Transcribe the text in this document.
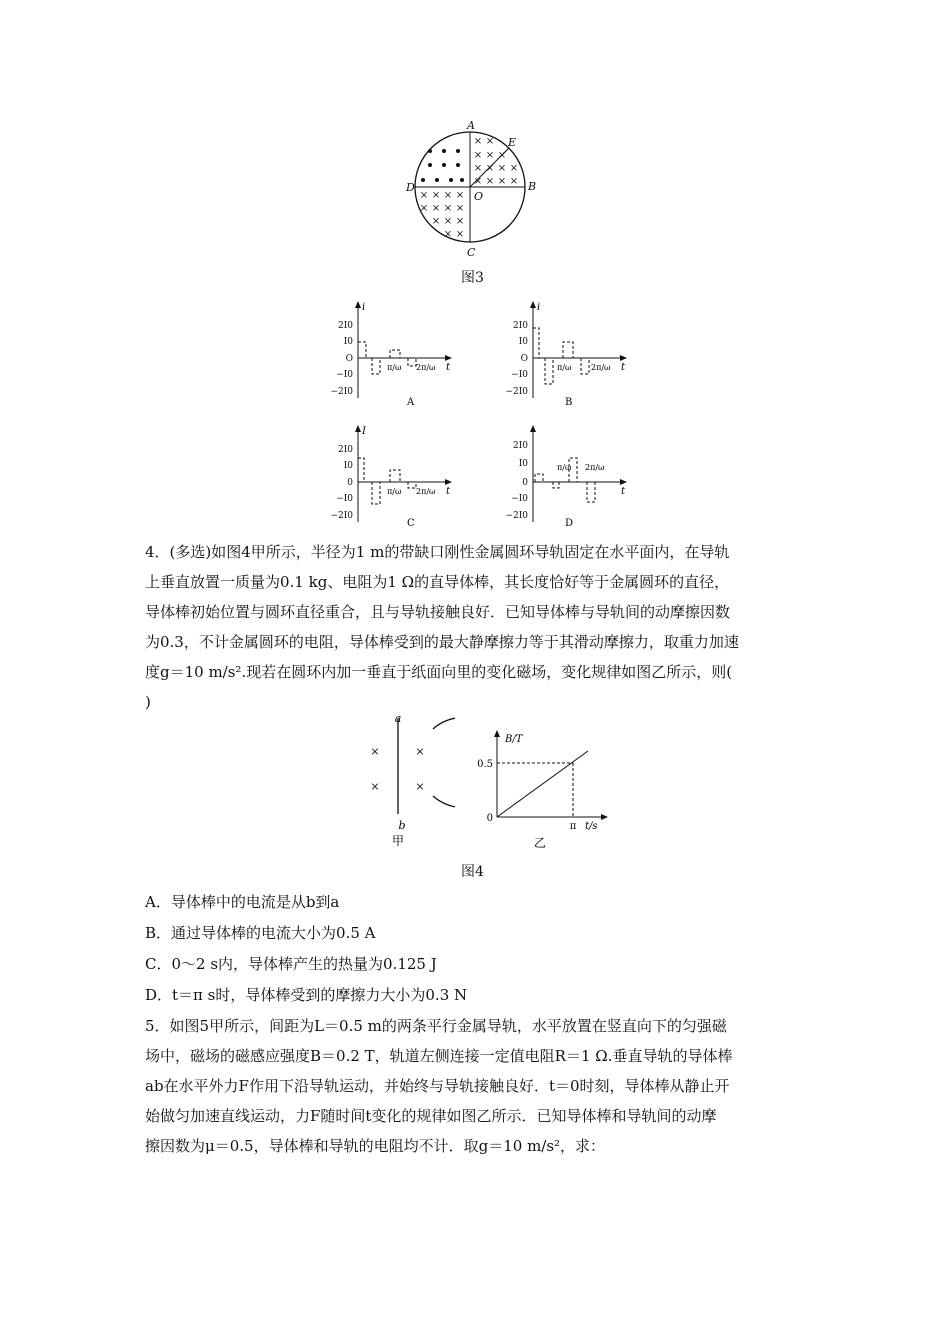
× ×
× × ×
× × × ×
× × × ×
× × × ×
× × × ×
× × ×
× ×
A
E
B
D
O
C
图3
2I0
I0
O
−I0
−2I0
i
t
π/ω 2π/ω
A
2I0
I0
O
−I0
−2I0
i
t
π/ω 2π/ω
B
2I0
I0
0
−I0
−2I0
I
t
π/ω 2π/ω
C
2I0
I0
0
−I0
−2I0
t
π/ω 2π/ω
D
4．(多选)如图4甲所示，半径为1 m的带缺口刚性金属圆环导轨固定在水平面内，在导轨
上垂直放置一质量为0.1 kg、电阻为1 Ω的直导体棒，其长度恰好等于金属圆环的直径，
导体棒初始位置与圆环直径重合，且与导轨接触良好．已知导体棒与导轨间的动摩擦因数
为0.3，不计金属圆环的电阻，导体棒受到的最大静摩擦力等于其滑动摩擦力，取重力加速
度g＝10 m/s².现若在圆环内加一垂直于纸面向里的变化磁场，变化规律如图乙所示，则(
)
×	×
×	×
a
b
甲
B/T
0.5
0
π t/s
乙
图4
A．导体棒中的电流是从b到a
B．通过导体棒的电流大小为0.5 A
C．0～2 s内，导体棒产生的热量为0.125 J
D．t＝π s时，导体棒受到的摩擦力大小为0.3 N
5．如图5甲所示，间距为L＝0.5 m的两条平行金属导轨，水平放置在竖直向下的匀强磁
场中，磁场的磁感应强度B＝0.2 T，轨道左侧连接一定值电阻R＝1 Ω.垂直导轨的导体棒
ab在水平外力F作用下沿导轨运动，并始终与导轨接触良好．t＝0时刻，导体棒从静止开
始做匀加速直线运动，力F随时间t变化的规律如图乙所示．已知导体棒和导轨间的动摩
擦因数为μ＝0.5，导体棒和导轨的电阻均不计．取g＝10 m/s²，求：
